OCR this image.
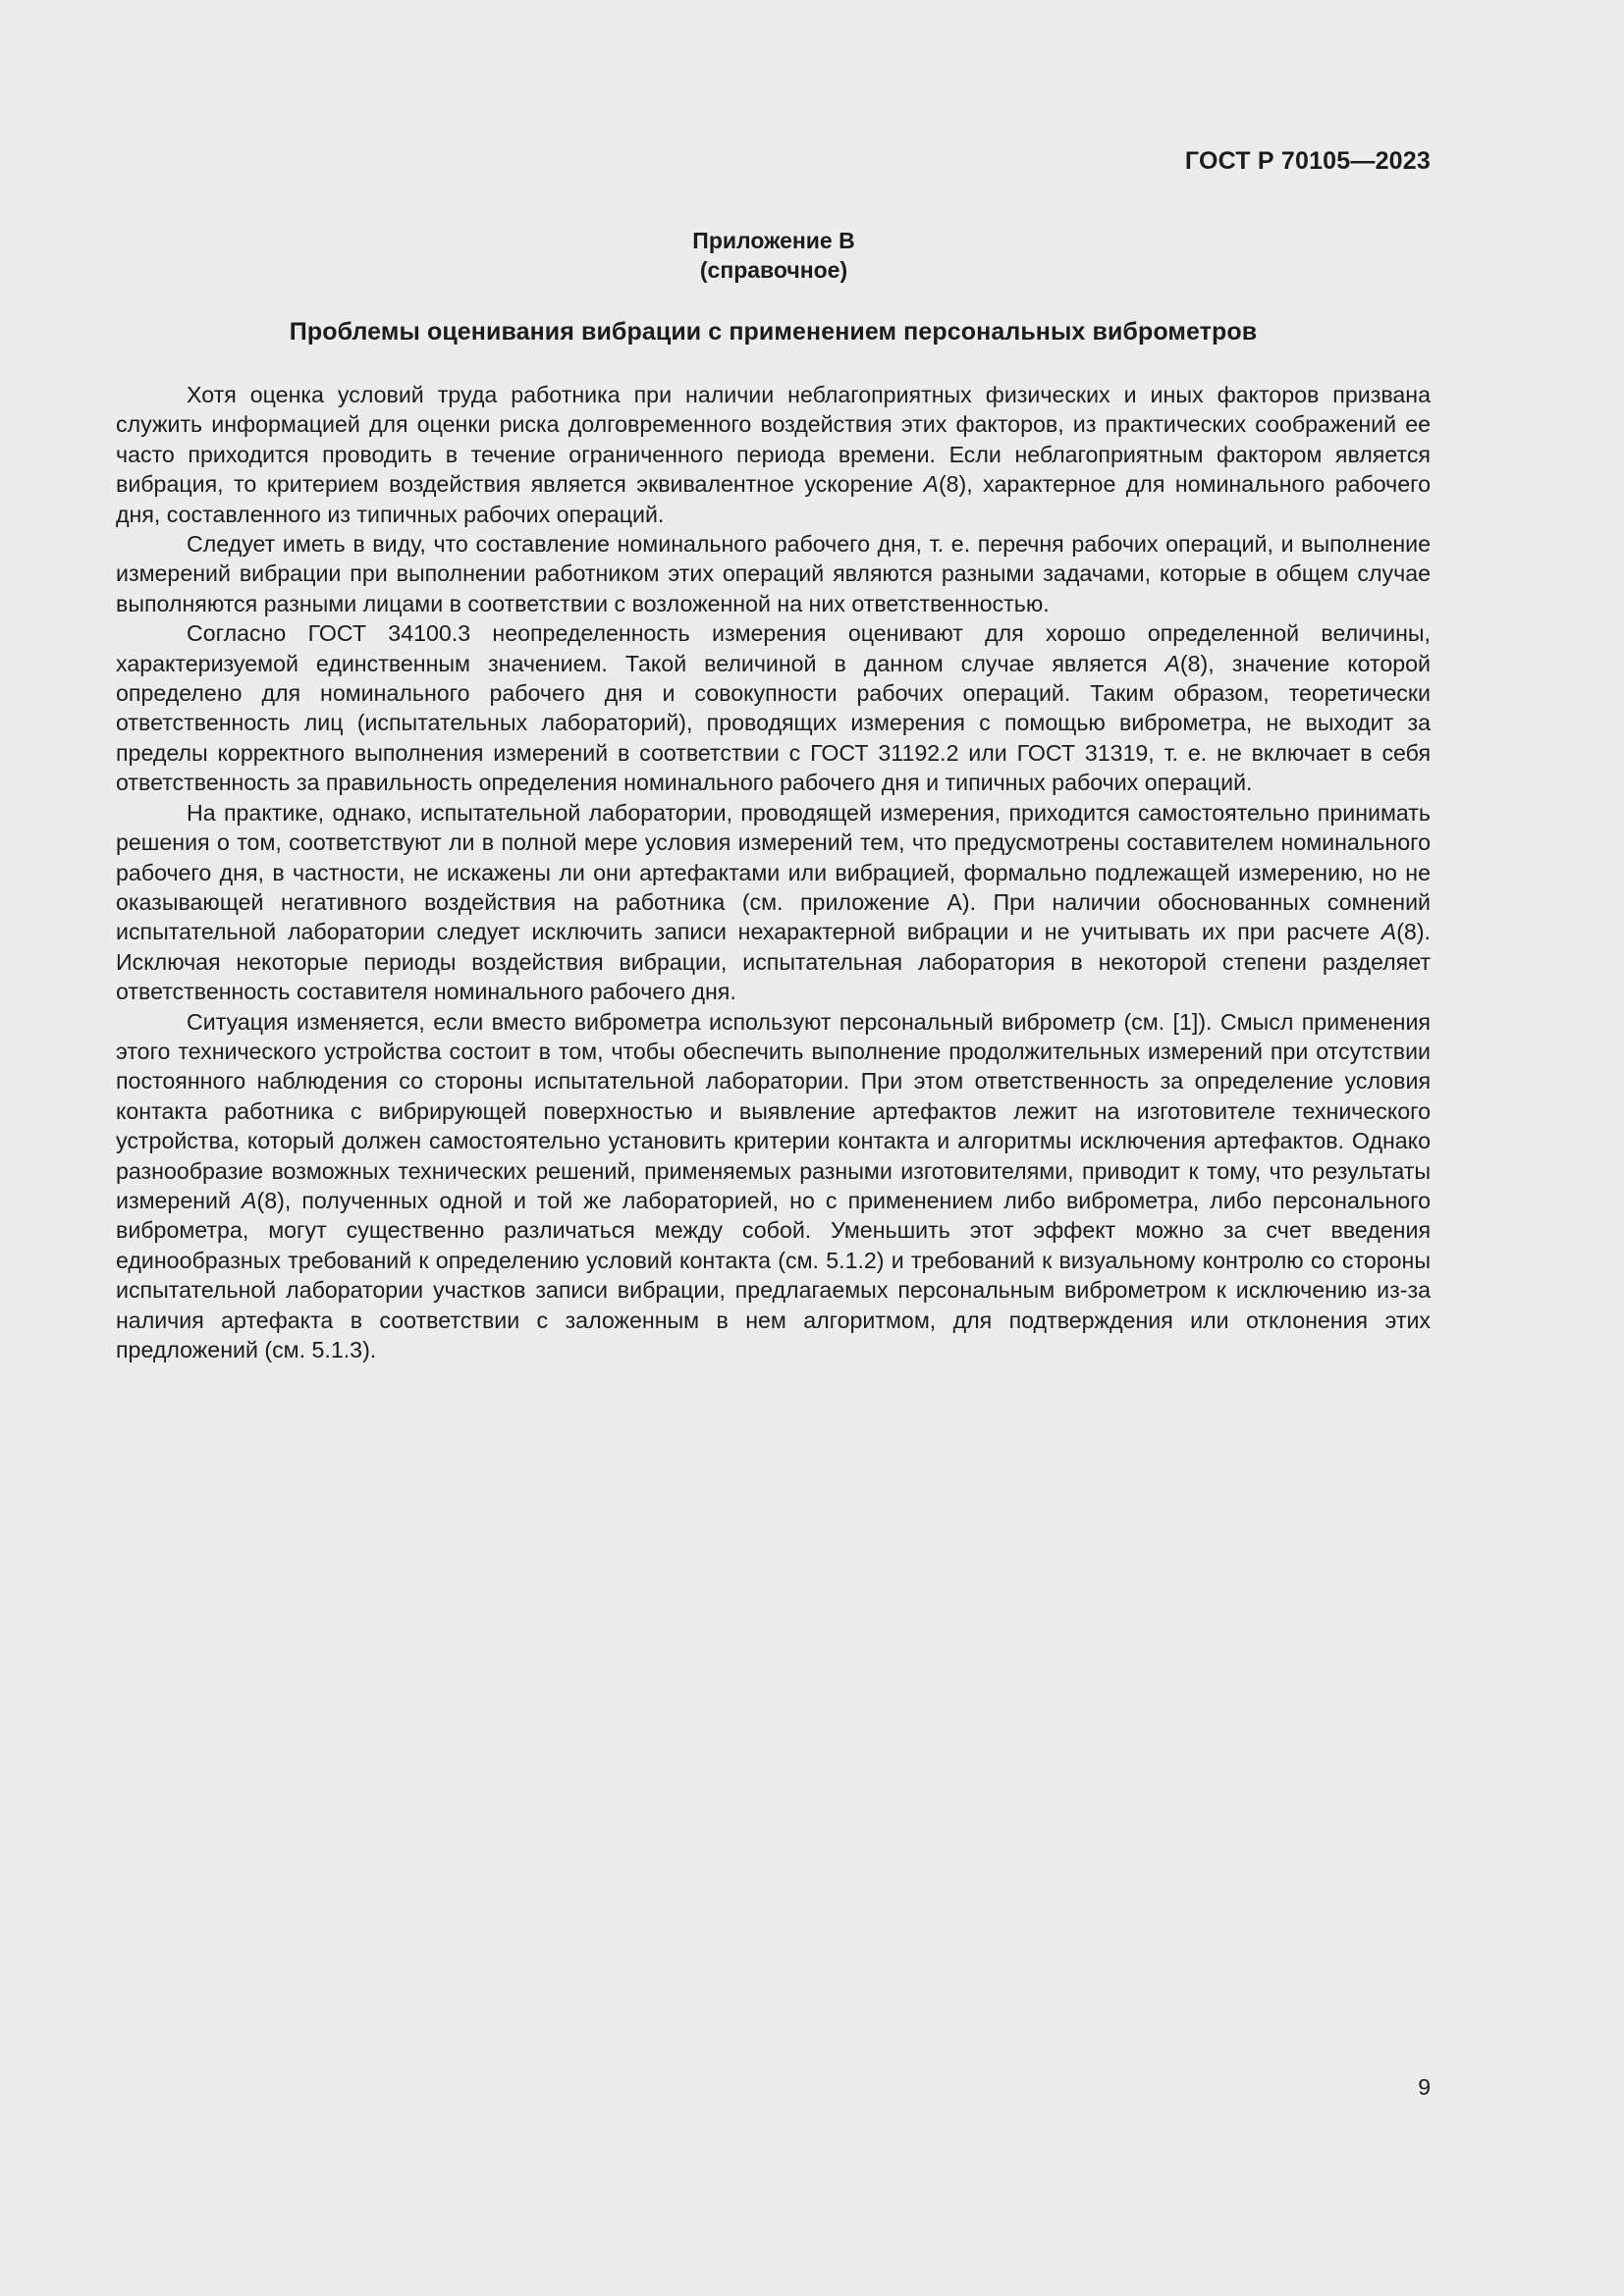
ГОСТ Р 70105—2023
Приложение В
(справочное)
Проблемы оценивания вибрации с применением персональных виброметров

Хотя оценка условий труда работника при наличии неблагоприятных физических и иных факторов призвана служить информацией для оценки риска долговременного воздействия этих факторов, из практических соображений ее часто приходится проводить в течение ограниченного периода времени. Если неблагоприятным фактором является вибрация, то критерием воздействия является эквивалентное ускорение A(8), характерное для номинального рабочего дня, составленного из типичных рабочих операций.

Следует иметь в виду, что составление номинального рабочего дня, т. е. перечня рабочих операций, и выполнение измерений вибрации при выполнении работником этих операций являются разными задачами, которые в общем случае выполняются разными лицами в соответствии с возложенной на них ответственностью.

Согласно ГОСТ 34100.3 неопределенность измерения оценивают для хорошо определенной величины, характеризуемой единственным значением. Такой величиной в данном случае является A(8), значение которой определено для номинального рабочего дня и совокупности рабочих операций. Таким образом, теоретически ответственность лиц (испытательных лабораторий), проводящих измерения с помощью виброметра, не выходит за пределы корректного выполнения измерений в соответствии с ГОСТ 31192.2 или ГОСТ 31319, т. е. не включает в себя ответственность за правильность определения номинального рабочего дня и типичных рабочих операций.

На практике, однако, испытательной лаборатории, проводящей измерения, приходится самостоятельно принимать решения о том, соответствуют ли в полной мере условия измерений тем, что предусмотрены составителем номинального рабочего дня, в частности, не искажены ли они артефактами или вибрацией, формально подлежащей измерению, но не оказывающей негативного воздействия на работника (см. приложение А). При наличии обоснованных сомнений испытательной лаборатории следует исключить записи нехарактерной вибрации и не учитывать их при расчете A(8). Исключая некоторые периоды воздействия вибрации, испытательная лаборатория в некоторой степени разделяет ответственность составителя номинального рабочего дня.

Ситуация изменяется, если вместо виброметра используют персональный виброметр (см. [1]). Смысл применения этого технического устройства состоит в том, чтобы обеспечить выполнение продолжительных измерений при отсутствии постоянного наблюдения со стороны испытательной лаборатории. При этом ответственность за определение условия контакта работника с вибрирующей поверхностью и выявление артефактов лежит на изготовителе технического устройства, который должен самостоятельно установить критерии контакта и алгоритмы исключения артефактов. Однако разнообразие возможных технических решений, применяемых разными изготовителями, приводит к тому, что результаты измерений A(8), полученных одной и той же лабораторией, но с применением либо виброметра, либо персонального виброметра, могут существенно различаться между собой. Уменьшить этот эффект можно за счет введения единообразных требований к определению условий контакта (см. 5.1.2) и требований к визуальному контролю со стороны испытательной лаборатории участков записи вибрации, предлагаемых персональным виброметром к исключению из-за наличия артефакта в соответствии с заложенным в нем алгоритмом, для подтверждения или отклонения этих предложений (см. 5.1.3).

9
